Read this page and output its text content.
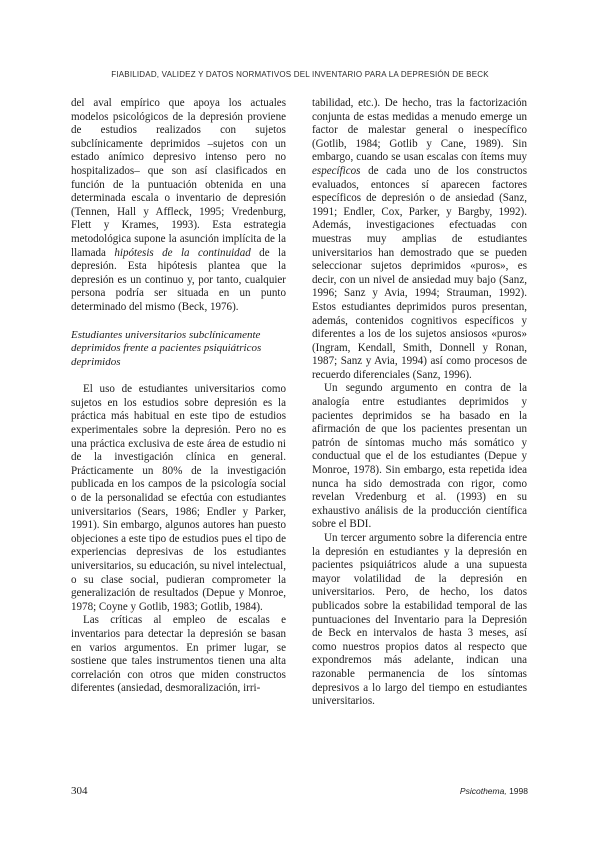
FIABILIDAD, VALIDEZ Y DATOS NORMATIVOS DEL INVENTARIO PARA LA DEPRESIÓN DE BECK

del aval empírico que apoya los actuales modelos psicológicos de la depresión proviene de estudios realizados con sujetos subclínicamente deprimidos –sujetos con un estado anímico depresivo intenso pero no hospitalizados– que son así clasificados en función de la puntuación obtenida en una determinada escala o inventario de depresión (Tennen, Hall y Affleck, 1995; Vredenburg, Flett y Krames, 1993). Esta estrategia metodológica supone la asunción implícita de la llamada hipótesis de la continuidad de la depresión. Esta hipótesis plantea que la depresión es un continuo y, por tanto, cualquier persona podría ser situada en un punto determinado del mismo (Beck, 1976).

Estudiantes universitarios subclínicamente deprimidos frente a pacientes psiquiátricos deprimidos

El uso de estudiantes universitarios como sujetos en los estudios sobre depresión es la práctica más habitual en este tipo de estudios experimentales sobre la depresión. Pero no es una práctica exclusiva de este área de estudio ni de la investigación clínica en general. Prácticamente un 80% de la investigación publicada en los campos de la psicología social o de la personalidad se efectúa con estudiantes universitarios (Sears, 1986; Endler y Parker, 1991). Sin embargo, algunos autores han puesto objeciones a este tipo de estudios pues el tipo de experiencias depresivas de los estudiantes universitarios, su educación, su nivel intelectual, o su clase social, pudieran comprometer la generalización de resultados (Depue y Monroe, 1978; Coyne y Gotlib, 1983; Gotlib, 1984).

Las críticas al empleo de escalas e inventarios para detectar la depresión se basan en varios argumentos. En primer lugar, se sostiene que tales instrumentos tienen una alta correlación con otros que miden constructos diferentes (ansiedad, desmoralización, irri-

tabilidad, etc.). De hecho, tras la factorización conjunta de estas medidas a menudo emerge un factor de malestar general o inespecífico (Gotlib, 1984; Gotlib y Cane, 1989). Sin embargo, cuando se usan escalas con ítems muy específicos de cada uno de los constructos evaluados, entonces sí aparecen factores específicos de depresión o de ansiedad (Sanz, 1991; Endler, Cox, Parker, y Bargby, 1992). Además, investigaciones efectuadas con muestras muy amplias de estudiantes universitarios han demostrado que se pueden seleccionar sujetos deprimidos «puros», es decir, con un nivel de ansiedad muy bajo (Sanz, 1996; Sanz y Avia, 1994; Strauman, 1992). Estos estudiantes deprimidos puros presentan, además, contenidos cognitivos específicos y diferentes a los de los sujetos ansiosos «puros» (Ingram, Kendall, Smith, Donnell y Ronan, 1987; Sanz y Avia, 1994) así como procesos de recuerdo diferenciales (Sanz, 1996).

Un segundo argumento en contra de la analogía entre estudiantes deprimidos y pacientes deprimidos se ha basado en la afirmación de que los pacientes presentan un patrón de síntomas mucho más somático y conductual que el de los estudiantes (Depue y Monroe, 1978). Sin embargo, esta repetida idea nunca ha sido demostrada con rigor, como revelan Vredenburg et al. (1993) en su exhaustivo análisis de la producción científica sobre el BDI.

Un tercer argumento sobre la diferencia entre la depresión en estudiantes y la depresión en pacientes psiquiátricos alude a una supuesta mayor volatilidad de la depresión en universitarios. Pero, de hecho, los datos publicados sobre la estabilidad temporal de las puntuaciones del Inventario para la Depresión de Beck en intervalos de hasta 3 meses, así como nuestros propios datos al respecto que expondremos más adelante, indican una razonable permanencia de los síntomas depresivos a lo largo del tiempo en estudiantes universitarios.

304	Psicothema, 1998
